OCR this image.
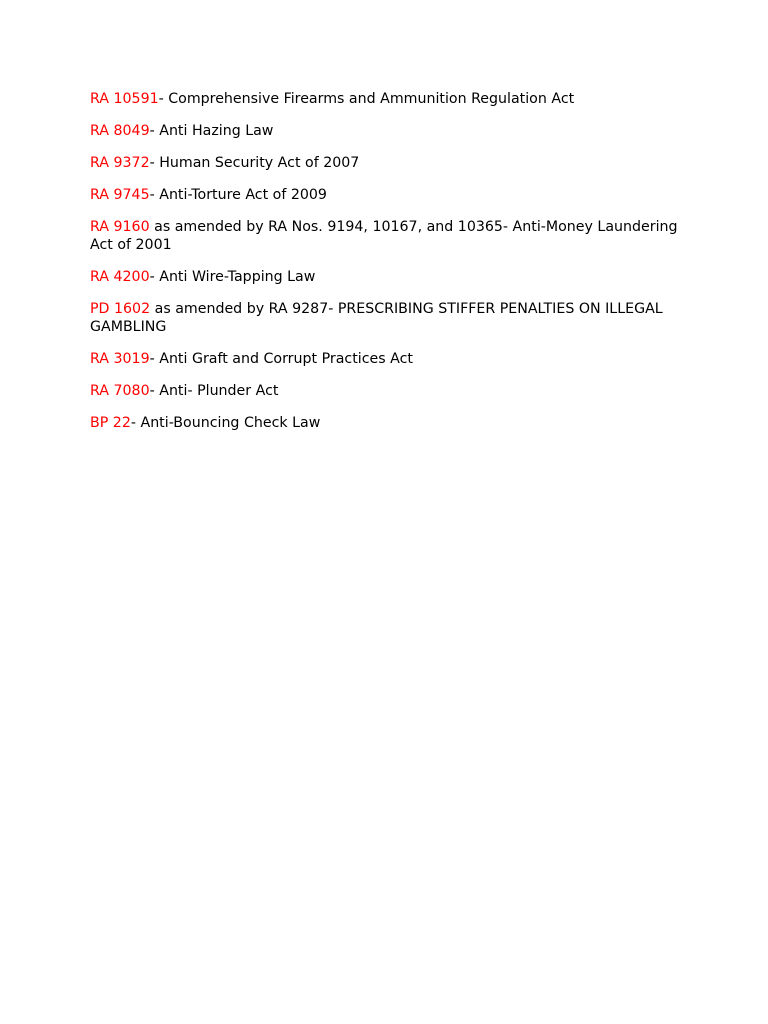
RA 10591- Comprehensive Firearms and Ammunition Regulation Act
RA 8049- Anti Hazing Law
RA 9372- Human Security Act of 2007
RA 9745- Anti-Torture Act of 2009
RA 9160 as amended by RA Nos. 9194, 10167, and 10365- Anti-Money Laundering Act of 2001
RA 4200- Anti Wire-Tapping Law
PD 1602 as amended by RA 9287- PRESCRIBING STIFFER PENALTIES ON ILLEGAL GAMBLING
RA 3019- Anti Graft and Corrupt Practices Act
RA 7080- Anti- Plunder Act
BP 22- Anti-Bouncing Check Law
